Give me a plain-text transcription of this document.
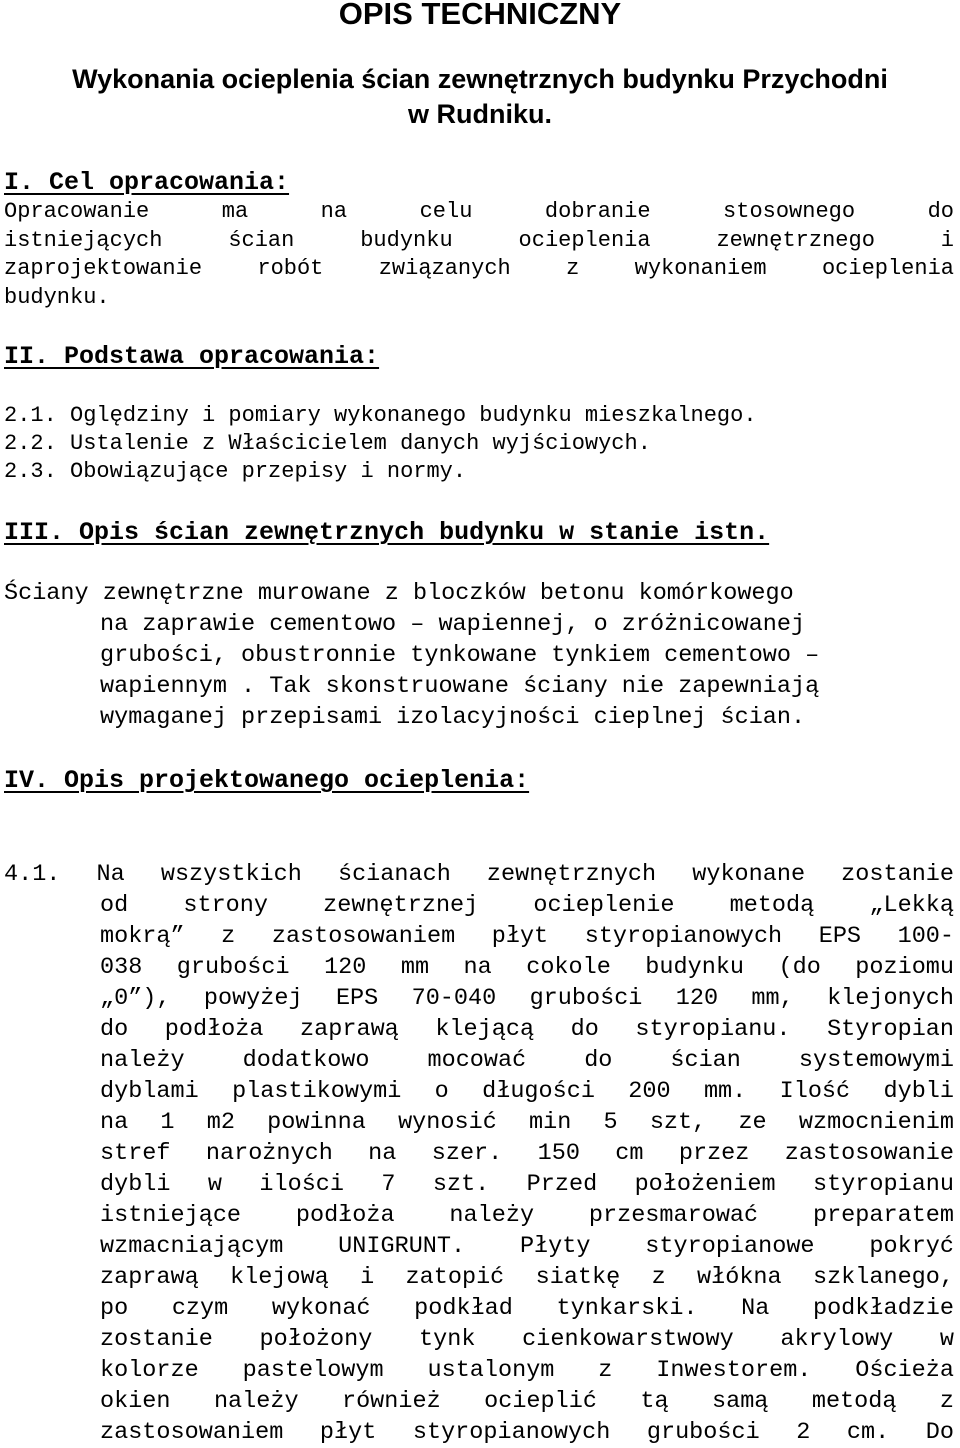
OPIS TECHNICZNY
Wykonania ocieplenia ścian zewnętrznych budynku Przychodni
w Rudniku.
I. Cel opracowania:
Opracowanie ma na celu dobranie stosownego do
istniejących ścian budynku ocieplenia zewnętrznego i
zaprojektowanie robót związanych z wykonaniem ocieplenia
budynku.
II. Podstawa opracowania:
2.1. Oględziny i pomiary wykonanego budynku mieszkalnego.
2.2. Ustalenie z Właścicielem danych wyjściowych.
2.3. Obowiązujące przepisy i normy.
III. Opis ścian zewnętrznych budynku w stanie istn.
Ściany zewnętrzne murowane z bloczków betonu komórkowego
na zaprawie cementowo – wapiennej, o zróżnicowanej
grubości, obustronnie tynkowane tynkiem cementowo –
wapiennym . Tak skonstruowane ściany nie zapewniają
wymaganej przepisami izolacyjności cieplnej ścian.
IV. Opis projektowanego ocieplenia:
4.1. Na wszystkich ścianach zewnętrznych wykonane zostanie
od strony zewnętrznej ocieplenie metodą „Lekką
mokrą” z zastosowaniem płyt styropianowych EPS 100-
038 grubości 120 mm na cokole budynku (do poziomu
„0”), powyżej EPS 70-040 grubości 120 mm, klejonych
do podłoża zaprawą klejącą do styropianu. Styropian
należy dodatkowo mocować do ścian systemowymi
dyblami plastikowymi o długości 200 mm. Ilość dybli
na 1 m2 powinna wynosić min 5 szt, ze wzmocnienim
stref narożnych na szer. 150 cm przez zastosowanie
dybli w ilości 7 szt. Przed położeniem styropianu
istniejące podłoża należy przesmarować preparatem
wzmacniającym UNIGRUNT. Płyty styropianowe pokryć
zaprawą klejową i zatopić siatkę z włókna szklanego,
po czym wykonać podkład tynkarski. Na podkładzie
zostanie położony tynk cienkowarstwowy akrylowy w
kolorze pastelowym ustalonym z Inwestorem. Ościeża
okien należy również ocieplić tą samą metodą z
zastosowaniem płyt styropianowych grubości 2 cm. Do
